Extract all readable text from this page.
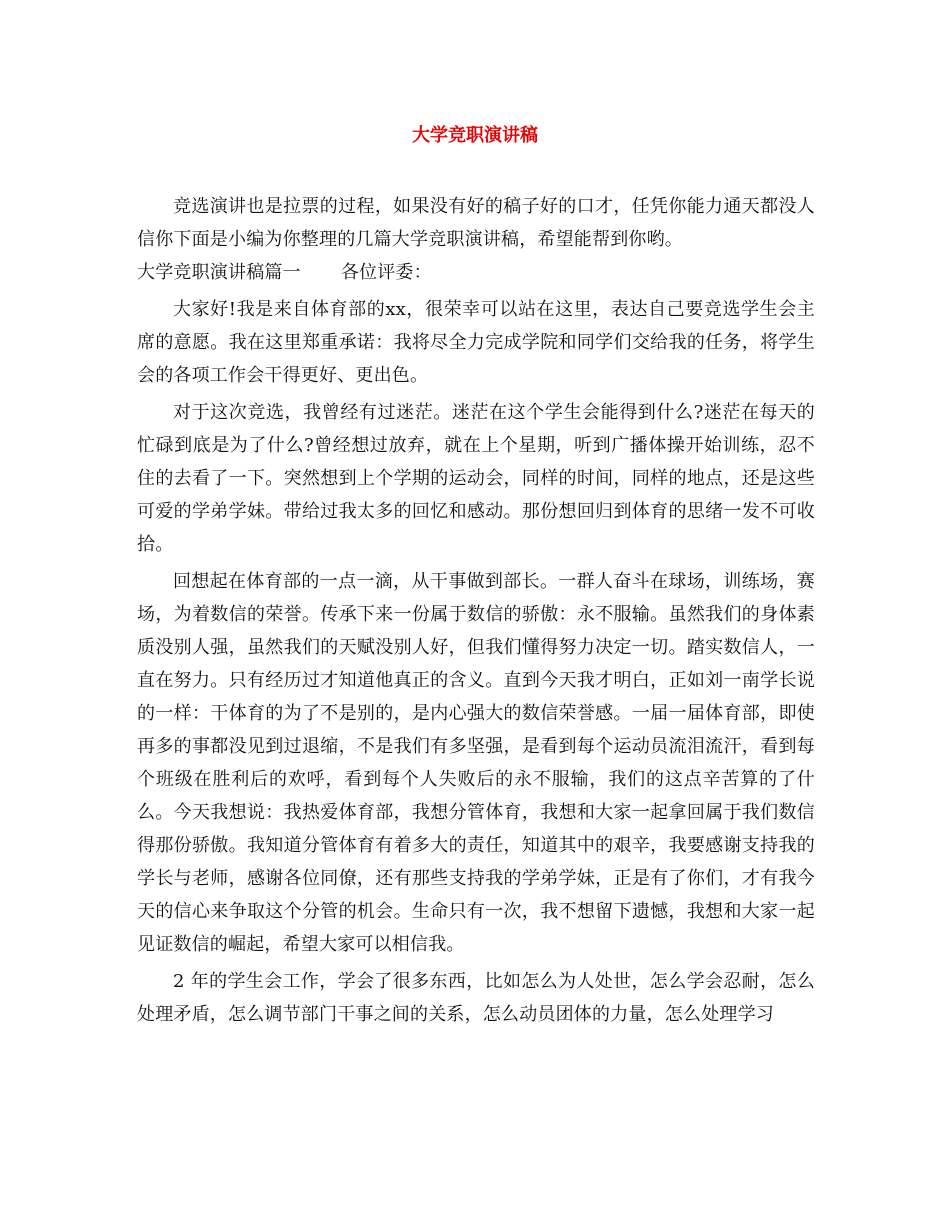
大学竞职演讲稿

竞选演讲也是拉票的过程，如果没有好的稿子好的口才，任凭你能力通天都没人信你下面是小编为你整理的几篇大学竞职演讲稿，希望能帮到你哟。

大学竞职演讲稿篇一 各位评委：

大家好!我是来自体育部的xx，很荣幸可以站在这里，表达自己要竞选学生会主席的意愿。我在这里郑重承诺：我将尽全力完成学院和同学们交给我的任务，将学生会的各项工作会干得更好、更出色。

对于这次竞选，我曾经有过迷茫。迷茫在这个学生会能得到什么?迷茫在每天的忙碌到底是为了什么?曾经想过放弃，就在上个星期，听到广播体操开始训练，忍不住的去看了一下。突然想到上个学期的运动会，同样的时间，同样的地点，还是这些可爱的学弟学妹。带给过我太多的回忆和感动。那份想回归到体育的思绪一发不可收拾。

回想起在体育部的一点一滴，从干事做到部长。一群人奋斗在球场，训练场，赛场，为着数信的荣誉。传承下来一份属于数信的骄傲：永不服输。虽然我们的身体素质没别人强，虽然我们的天赋没别人好，但我们懂得努力决定一切。踏实数信人，一直在努力。只有经历过才知道他真正的含义。直到今天我才明白，正如刘一南学长说的一样：干体育的为了不是别的，是内心强大的数信荣誉感。一届一届体育部，即使再多的事都没见到过退缩，不是我们有多坚强，是看到每个运动员流泪流汗，看到每个班级在胜利后的欢呼，看到每个人失败后的永不服输，我们的这点辛苦算的了什么。今天我想说：我热爱体育部，我想分管体育，我想和大家一起拿回属于我们数信得那份骄傲。我知道分管体育有着多大的责任，知道其中的艰辛，我要感谢支持我的学长与老师，感谢各位同僚，还有那些支持我的学弟学妹，正是有了你们，才有我今天的信心来争取这个分管的机会。生命只有一次，我不想留下遗憾，我想和大家一起见证数信的崛起，希望大家可以相信我。

2 年的学生会工作，学会了很多东西，比如怎么为人处世，怎么学会忍耐，怎么处理矛盾，怎么调节部门干事之间的关系，怎么动员团体的力量，怎么处理学习
